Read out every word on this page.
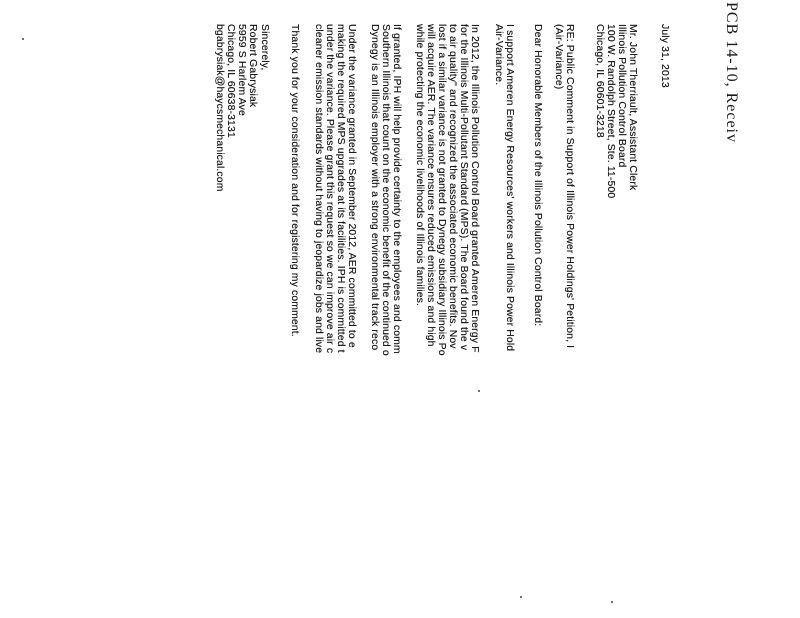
PCB 14-10, Receiv
July 31, 2013
Mr. John Therriault, Assistant Clerk
Illinois Pollution Control Board
100 W. Randolph Street, Ste. 11-500
Chicago, IL 60601-3218
RE: Public Comment in Support of Illinois Power Holdings' Petition, I
(Air-Variance)
Dear Honorable Members of the Illinois Pollution Control Board:
I support Ameren Energy Resources' workers and Illinois Power Hold
Air-Variance.
In 2012, the Illinois Pollution Control Board granted Ameren Energy F
for the Illinois Multi-Pollutant Standard (MPS). The Board found the v
to air quality" and recognized the associated economic benefits. Nov
lost if a similar variance is not granted to Dynegy subsidiary Illinois Po
will acquire AER. The variance ensures reduced emissions and high
while protecting the economic livelihoods of Illinois families.
If granted, IPH will help provide certainty to the employees and comm
Southern Illinois that count on the economic benefit of the continued o
Dynegy is an Illinois employer with a strong environmental track reco
Under the variance granted in September 2012, AER committed to e
making the required MPS upgrades at its facilities. IPH is committed t
under the variance. Please grant this request so we can improve air c
cleaner emission standards without having to jeopardize jobs and live
Thank you for your consideration and for registering my comment.
Sincerely,
Robert Gabrysiak
5959 S Harlem Ave
Chicago, IL 60638-3131
bgabrysiak@haycsmechanical.com
